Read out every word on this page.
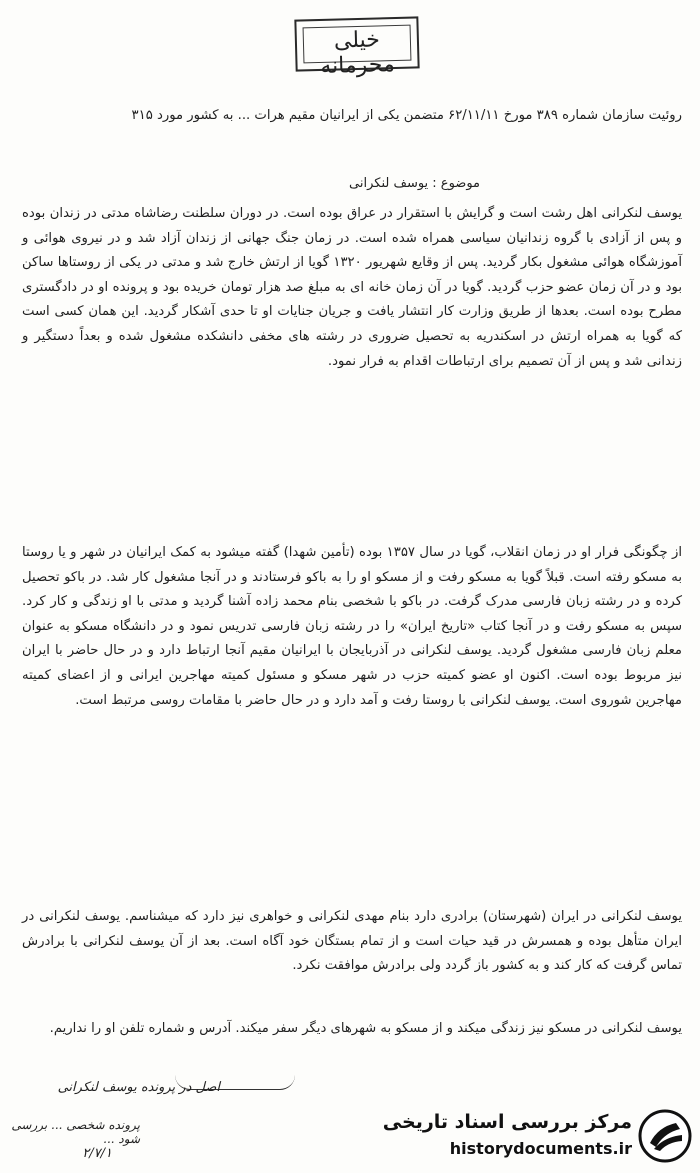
خیلی محرمانه

روئیت سازمان شماره ۳۸۹ مورخ ۶۲/۱۱/۱۱ متضمن یکی از ایرانیان مقیم هرات ... به کشور مورد ۳۱۵

موضوع : یوسف لنکرانی

یوسف لنکرانی اهل رشت است و گرایش با استقرار در عراق بوده است. در دوران سلطنت رضاشاه مدتی در زندان بوده و پس از آزادی با گروه زندانیان سیاسی همراه شده است. در زمان جنگ جهانی از زندان آزاد شد و در نیروی هوائی و آموزشگاه هوائی مشغول بکار گردید. پس از وقایع شهریور ۱۳۲۰ گویا از ارتش خارج شد و مدتی در یکی از روستاها ساکن بود و در آن زمان عضو حزب گردید. گویا در آن زمان خانه ای به مبلغ صد هزار تومان خریده بود و پرونده او در دادگستری مطرح بوده است. بعدها از طریق وزارت کار انتشار یافت و جریان جنایات او تا حدی آشکار گردید. این همان کسی است که گویا به همراه ارتش در اسکندریه به تحصیل ضروری در رشته های مخفی دانشکده مشغول شده و بعداً دستگیر و زندانی شد و پس از آن تصمیم برای ارتباطات اقدام به فرار نمود.

از چگونگی فرار او در زمان انقلاب، گویا در سال ۱۳۵۷ بوده (تأمین شهدا) گفته میشود به کمک ایرانیان در شهر و یا روستا به مسکو رفته است. قبلاً گویا به مسکو رفت و از مسکو او را به باکو فرستادند و در آنجا مشغول کار شد. در باکو تحصیل کرده و در رشته زبان فارسی مدرک گرفت. در باکو با شخصی بنام محمد زاده آشنا گردید و مدتی با او زندگی و کار کرد. سپس به مسکو رفت و در آنجا کتاب «تاریخ ایران» را در رشته زبان فارسی تدریس نمود و در دانشگاه مسکو به عنوان معلم زبان فارسی مشغول گردید. یوسف لنکرانی در آذربایجان با ایرانیان مقیم آنجا ارتباط دارد و در حال حاضر با ایران نیز مربوط بوده است. اکنون او عضو کمیته حزب در شهر مسکو و مسئول کمیته مهاجرین ایرانی و از اعضای کمیته مهاجرین شوروی است. یوسف لنکرانی با روستا رفت و آمد دارد و در حال حاضر با مقامات روسی مرتبط است.

یوسف لنکرانی در ایران (شهرستان) برادری دارد بنام مهدی لنکرانی و خواهری نیز دارد که میشناسم. یوسف لنکرانی در ایران متأهل بوده و همسرش در قید حیات است و از تمام بستگان خود آگاه است. بعد از آن یوسف لنکرانی با برادرش تماس گرفت که کار کند و به کشور باز گردد ولی برادرش موافقت نکرد.

یوسف لنکرانی در مسکو نیز زندگی میکند و از مسکو به شهرهای دیگر سفر میکند. آدرس و شماره تلفن او را نداریم.

اصل در پرونده یوسف لنکرانی
پرونده شخصی ... بررسی شود ...
۲/۷/۱
مرکز بررسی اسناد تاریخی
historydocuments.ir
